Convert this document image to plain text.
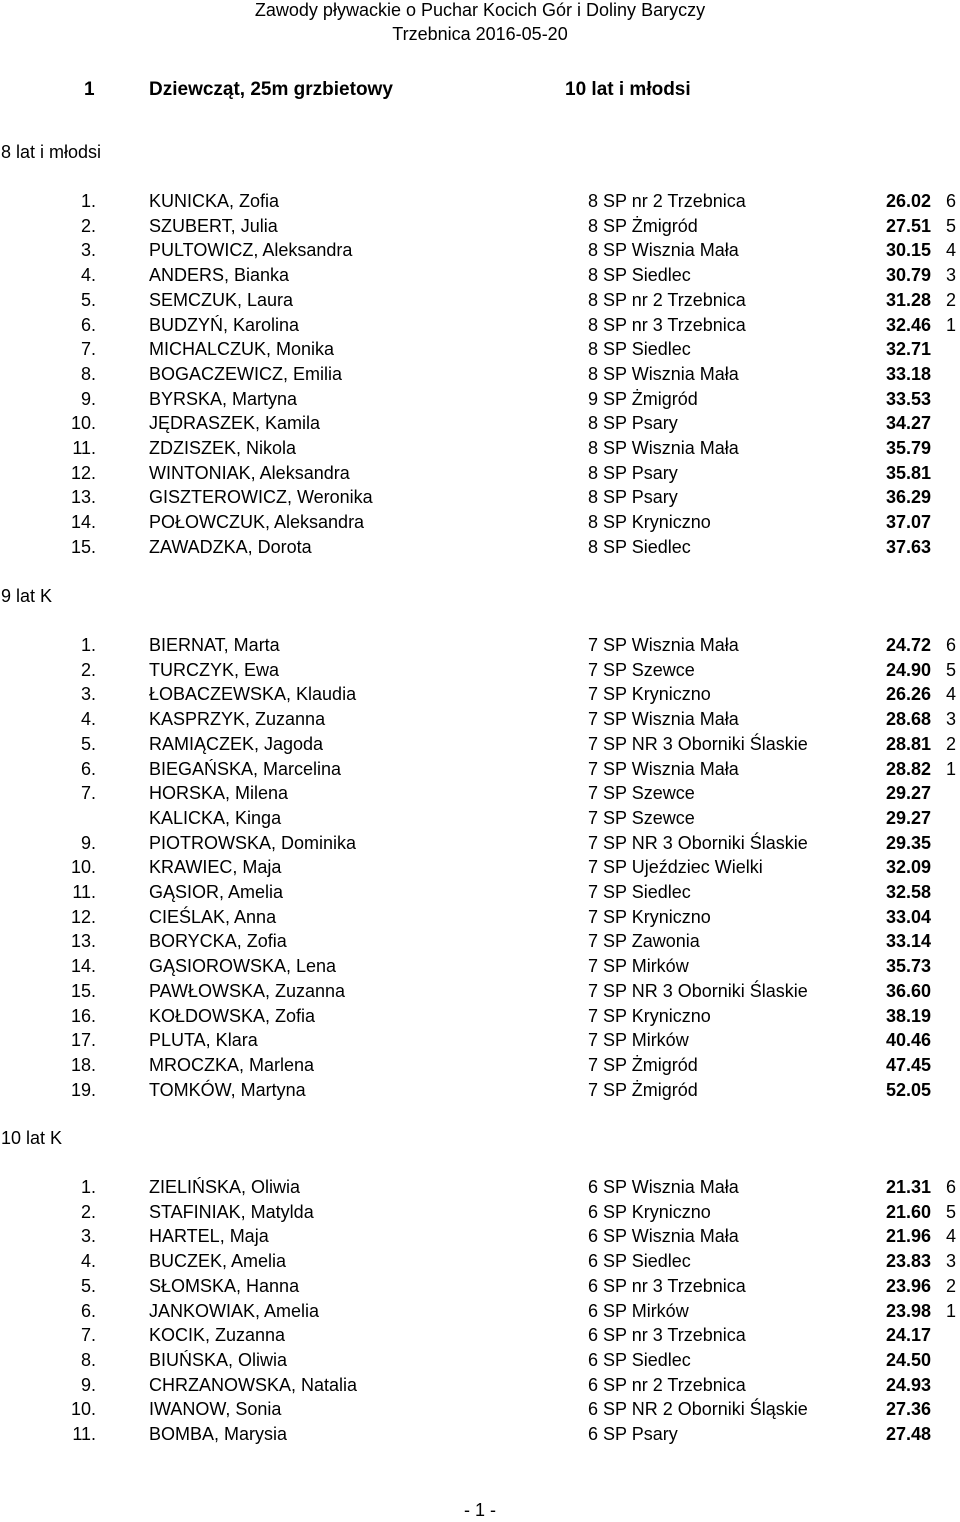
Zawody pływackie o Puchar Kocich Gór i Doliny Baryczy
Trzebnica 2016-05-20
1	Dziewcząt, 25m grzbietowy	10 lat i młodsi
8 lat i młodsi
1.	KUNICKA, Zofia	8 SP nr 2 Trzebnica	26.02 6
2.	SZUBERT, Julia	8 SP Żmigród	27.51 5
3.	PULTOWICZ, Aleksandra	8 SP Wisznia Mała	30.15 4
4.	ANDERS, Bianka	8 SP Siedlec	30.79 3
5.	SEMCZUK, Laura	8 SP nr 2 Trzebnica	31.28 2
6.	BUDZYŃ, Karolina	8 SP nr 3 Trzebnica	32.46 1
7.	MICHALCZUK, Monika	8 SP Siedlec	32.71
8.	BOGACZEWICZ, Emilia	8 SP Wisznia Mała	33.18
9.	BYRSKA, Martyna	9 SP Żmigród	33.53
10.	JĘDRASZEK, Kamila	8 SP Psary	34.27
11.	ZDZISZEK, Nikola	8 SP Wisznia Mała	35.79
12.	WINTONIAK, Aleksandra	8 SP Psary	35.81
13.	GISZTEROWICZ, Weronika	8 SP Psary	36.29
14.	POŁOWCZUK, Aleksandra	8 SP Kryniczno	37.07
15.	ZAWADZKA, Dorota	8 SP Siedlec	37.63
9 lat K
1.	BIERNAT, Marta	7 SP Wisznia Mała	24.72 6
2.	TURCZYK, Ewa	7 SP Szewce	24.90 5
3.	ŁOBACZEWSKA, Klaudia	7 SP Kryniczno	26.26 4
4.	KASPRZYK, Zuzanna	7 SP Wisznia Mała	28.68 3
5.	RAMIĄCZEK, Jagoda	7 SP NR 3 Oborniki Ślaskie	28.81 2
6.	BIEGAŃSKA, Marcelina	7 SP Wisznia Mała	28.82 1
7.	HORSKA, Milena	7 SP Szewce	29.27
KALICKA, Kinga	7 SP Szewce	29.27
9.	PIOTROWSKA, Dominika	7 SP NR 3 Oborniki Ślaskie	29.35
10.	KRAWIEC, Maja	7 SP Ujeździec Wielki	32.09
11.	GĄSIOR, Amelia	7 SP Siedlec	32.58
12.	CIEŚLAK, Anna	7 SP Kryniczno	33.04
13.	BORYCKA, Zofia	7 SP Zawonia	33.14
14.	GĄSIOROWSKA, Lena	7 SP Mirków	35.73
15.	PAWŁOWSKA, Zuzanna	7 SP NR 3 Oborniki Ślaskie	36.60
16.	KOŁDOWSKA, Zofia	7 SP Kryniczno	38.19
17.	PLUTA, Klara	7 SP Mirków	40.46
18.	MROCZKA, Marlena	7 SP Żmigród	47.45
19.	TOMKÓW, Martyna	7 SP Żmigród	52.05
10 lat K
1.	ZIELIŃSKA, Oliwia	6 SP Wisznia Mała	21.31 6
2.	STAFINIAK, Matylda	6 SP Kryniczno	21.60 5
3.	HARTEL, Maja	6 SP Wisznia Mała	21.96 4
4.	BUCZEK, Amelia	6 SP Siedlec	23.83 3
5.	SŁOMSKA, Hanna	6 SP nr 3 Trzebnica	23.96 2
6.	JANKOWIAK, Amelia	6 SP Mirków	23.98 1
7.	KOCIK, Zuzanna	6 SP nr 3 Trzebnica	24.17
8.	BIUŃSKA, Oliwia	6 SP Siedlec	24.50
9.	CHRZANOWSKA, Natalia	6 SP nr 2 Trzebnica	24.93
10.	IWANOW, Sonia	6 SP NR 2 Oborniki Śląskie	27.36
11.	BOMBA, Marysia	6 SP Psary	27.48
- 1 -
